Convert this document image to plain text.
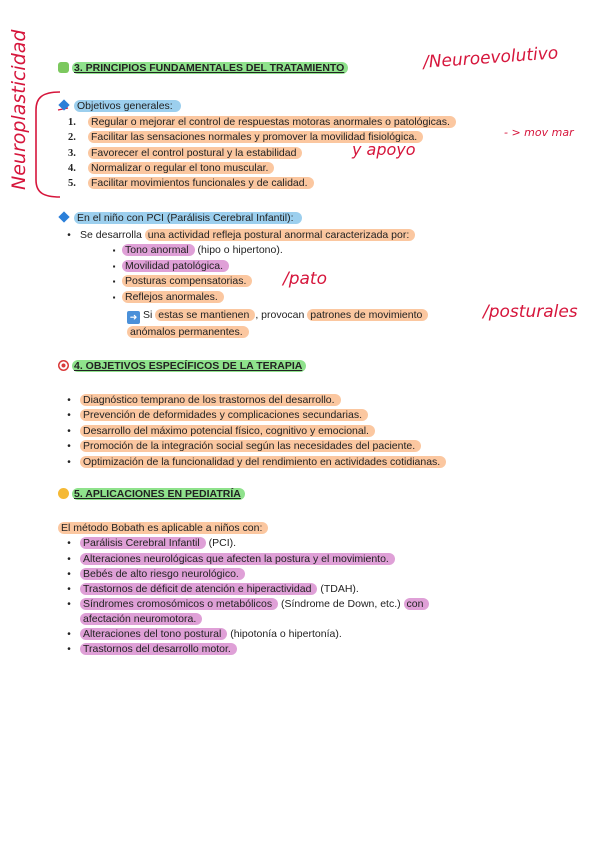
Neuroplasticidad	3. PRINCIPIOS FUNDAMENTALES DEL TRATAMIENTO	/Neuroevolutivo
Objetivos generales:
1. Regular o mejorar el control de respuestas motoras anormales o patológicas.
2. Facilitar las sensaciones normales y promover la movilidad fisiológica.	- > mov mar
3. Favorecer el control postural y la estabilidad	y apoyo
4. Normalizar o regular el tono muscular.
5. Facilitar movimientos funcionales y de calidad.
En el niño con PCI (Parálisis Cerebral Infantil):
• Se desarrolla una actividad refleja postural anormal caracterizada por:
▪ Tono anormal (hipo o hipertono).
▪ Movilidad patológica.
▪ Posturas compensatorias.	/pato
▪ Reflejos anormales.
➜ Si estas se mantienen , provocan patrones de movimiento	/posturales
anómalos permanentes.
4. OBJETIVOS ESPECÍFICOS DE LA TERAPIA
• Diagnóstico temprano de los trastornos del desarrollo.
• Prevención de deformidades y complicaciones secundarias.
• Desarrollo del máximo potencial físico, cognitivo y emocional.
• Promoción de la integración social según las necesidades del paciente.
• Optimización de la funcionalidad y del rendimiento en actividades cotidianas.
5. APLICACIONES EN PEDIATRÍA
El método Bobath es aplicable a niños con:
• Parálisis Cerebral Infantil (PCI).
• Alteraciones neurológicas que afecten la postura y el movimiento.
• Bebés de alto riesgo neurológico.
• Trastornos de déficit de atención e hiperactividad (TDAH).
• Síndromes cromosómicos o metabólicos (Síndrome de Down, etc.) con
afectación neuromotora.
• Alteraciones del tono postural (hipotonía o hipertonía).
• Trastornos del desarrollo motor.
